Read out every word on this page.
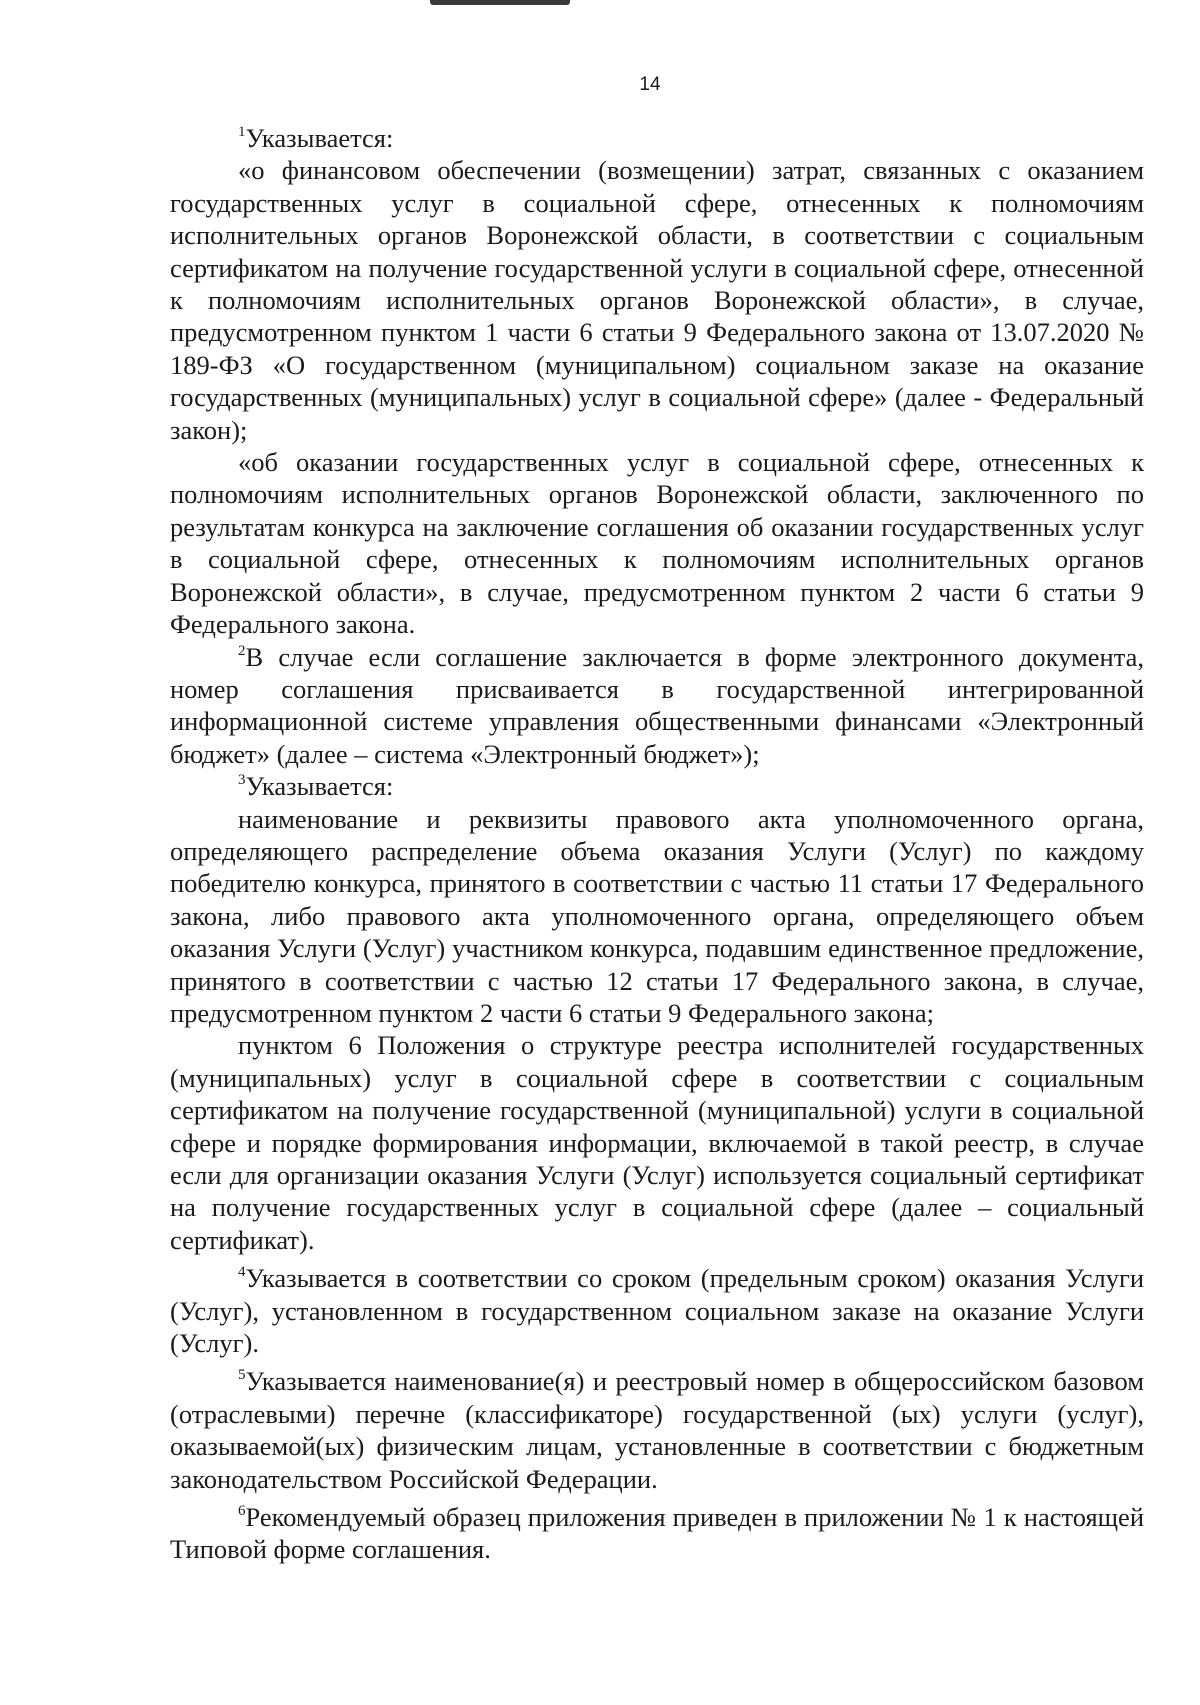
14

$^1$Указывается:

«о финансовом обеспечении (возмещении) затрат, связанных с оказанием государственных услуг в социальной сфере, отнесенных к полномочиям исполнительных органов Воронежской области, в соответствии с социальным сертификатом на получение государственной услуги в социальной сфере, отнесенной к полномочиям исполнительных органов Воронежской области», в случае, предусмотренном пунктом 1 части 6 статьи 9 Федерального закона от 13.07.2020 № 189-ФЗ «О государственном (муниципальном) социальном заказе на оказание государственных (муниципальных) услуг в социальной сфере» (далее - Федеральный закон);

«об оказании государственных услуг в социальной сфере, отнесенных к полномочиям исполнительных органов Воронежской области, заключенного по результатам конкурса на заключение соглашения об оказании государственных услуг в социальной сфере, отнесенных к полномочиям исполнительных органов Воронежской области», в случае, предусмотренном пунктом 2 части 6 статьи 9 Федерального закона.

$^2$В случае если соглашение заключается в форме электронного документа, номер соглашения присваивается в государственной интегрированной информационной системе управления общественными финансами «Электронный бюджет» (далее – система «Электронный бюджет»);

$^3$Указывается:

наименование и реквизиты правового акта уполномоченного органа, определяющего распределение объема оказания Услуги (Услуг) по каждому победителю конкурса, принятого в соответствии с частью 11 статьи 17 Федерального закона, либо правового акта уполномоченного органа, определяющего объем оказания Услуги (Услуг) участником конкурса, подавшим единственное предложение, принятого в соответствии с частью 12 статьи 17 Федерального закона, в случае, предусмотренном пунктом 2 части 6 статьи 9 Федерального закона;

пунктом 6 Положения о структуре реестра исполнителей государственных (муниципальных) услуг в социальной сфере в соответствии с социальным сертификатом на получение государственной (муниципальной) услуги в социальной сфере и порядке формирования информации, включаемой в такой реестр, в случае если для организации оказания Услуги (Услуг) используется социальный сертификат на получение государственных услуг в социальной сфере (далее – социальный сертификат).

$^4$Указывается в соответствии со сроком (предельным сроком) оказания Услуги (Услуг), установленном в государственном социальном заказе на оказание Услуги (Услуг).

$^5$Указывается наименование(я) и реестровый номер в общероссийском базовом (отраслевыми) перечне (классификаторе) государственной (ых) услуги (услуг), оказываемой(ых) физическим лицам, установленные в соответствии с бюджетным законодательством Российской Федерации.

$^6$Рекомендуемый образец приложения приведен в приложении № 1 к настоящей Типовой форме соглашения.
